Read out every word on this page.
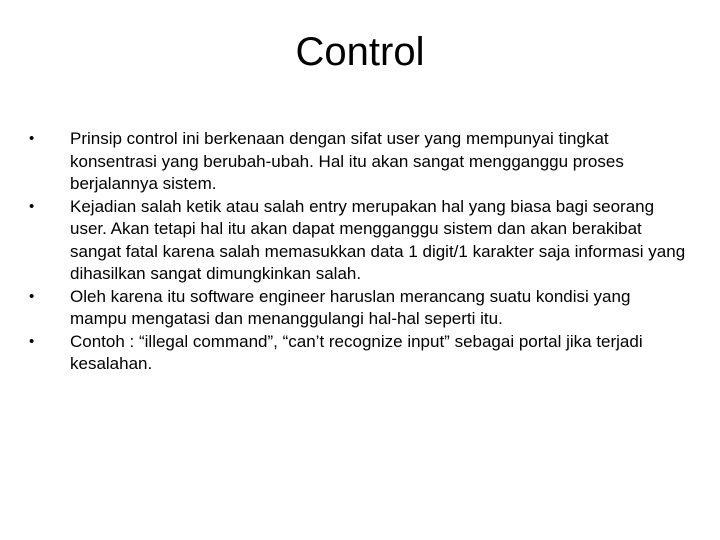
Control
• Prinsip control ini berkenaan dengan sifat user yang mempunyai tingkat konsentrasi yang berubah-ubah. Hal itu akan sangat mengganggu proses berjalannya sistem.
• Kejadian salah ketik atau salah entry merupakan hal yang biasa bagi seorang user. Akan tetapi hal itu akan dapat mengganggu sistem dan akan berakibat sangat fatal karena salah memasukkan data 1 digit/1 karakter saja informasi yang dihasilkan sangat dimungkinkan salah.
• Oleh karena itu software engineer haruslan merancang suatu kondisi yang mampu mengatasi dan menanggulangi hal-hal seperti itu.
• Contoh : “illegal command”, “can’t recognize input” sebagai portal jika terjadi kesalahan.
